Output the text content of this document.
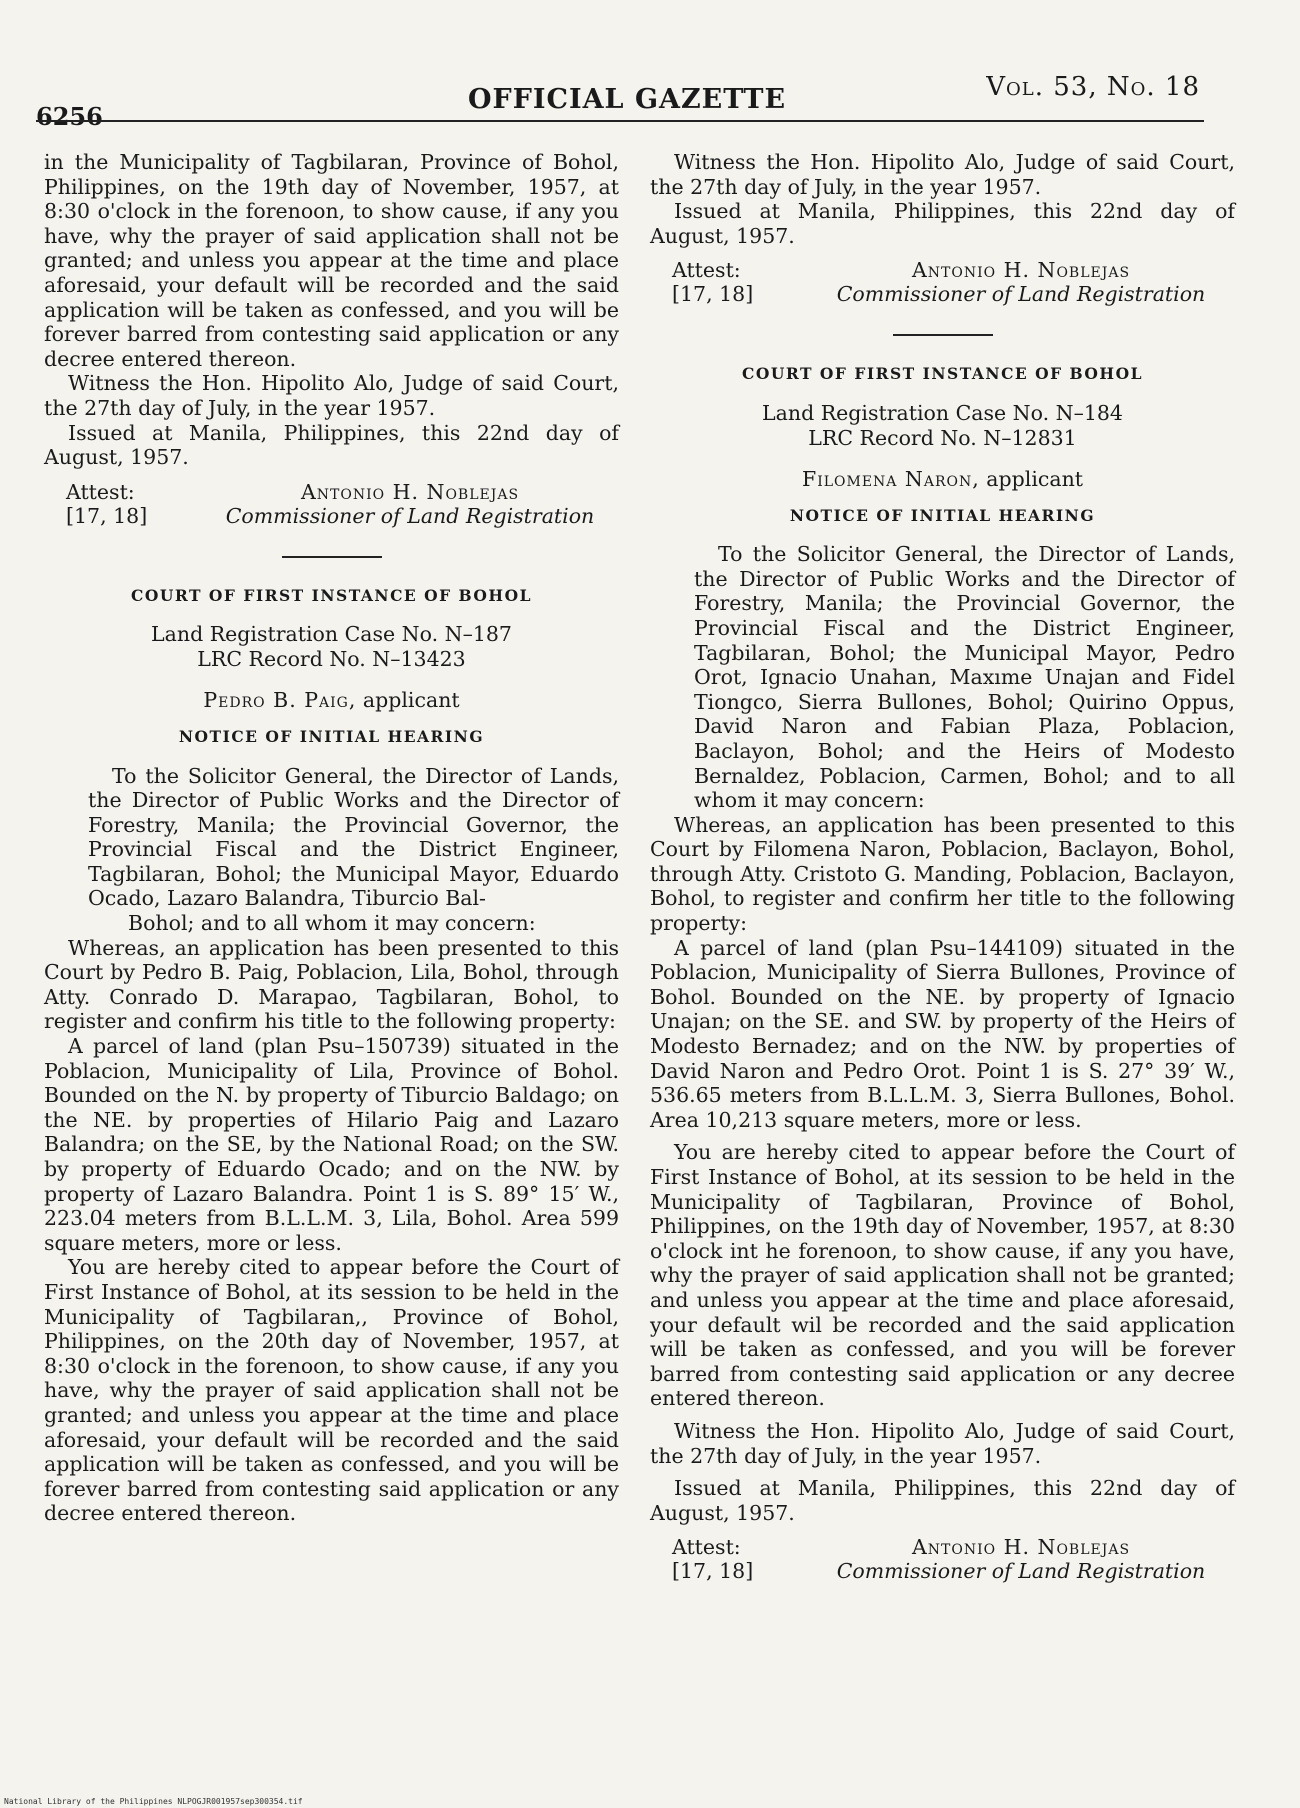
6256
OFFICIAL GAZETTE	Vol. 53, No. 18

in the Municipality of Tagbilaran, Province of Bohol, Philippines, on the 19th day of November, 1957, at 8:30 o'clock in the forenoon, to show cause, if any you have, why the prayer of said application shall not be granted; and unless you appear at the time and place aforesaid, your default will be recorded and the said application will be taken as confessed, and you will be forever barred from contesting said application or any decree entered thereon.

Witness the Hon. Hipolito Alo, Judge of said Court, the 27th day of July, in the year 1957.

Issued at Manila, Philippines, this 22nd day of August, 1957.

Attest:
[17, 18]
Antonio H. Noblejas
Commissioner of Land Registration
COURT OF FIRST INSTANCE OF BOHOL
Land Registration Case No. N–187
LRC Record No. N–13423
Pedro B. Paig, applicant
NOTICE OF INITIAL HEARING

To the Solicitor General, the Director of Lands, the Director of Public Works and the Director of Forestry, Manila; the Provincial Governor, the Provincial Fiscal and the District Engineer, Tagbilaran, Bohol; the Municipal Mayor, Eduardo Ocado, Lazaro Balandra, Tiburcio Bal-

Bohol; and to all whom it may concern:

Whereas, an application has been presented to this Court by Pedro B. Paig, Poblacion, Lila, Bohol, through Atty. Conrado D. Marapao, Tagbilaran, Bohol, to register and confirm his title to the following property:

A parcel of land (plan Psu–150739) situated in the Poblacion, Municipality of Lila, Province of Bohol. Bounded on the N. by property of Tiburcio Baldago; on the NE. by properties of Hilario Paig and Lazaro Balandra; on the SE, by the National Road; on the SW. by property of Eduardo Ocado; and on the NW. by property of Lazaro Balandra. Point 1 is S. 89° 15′ W., 223.04 meters from B.L.L.M. 3, Lila, Bohol. Area 599 square meters, more or less.

You are hereby cited to appear before the Court of First Instance of Bohol, at its session to be held in the Municipality of Tagbilaran,, Province of Bohol, Philippines, on the 20th day of November, 1957, at 8:30 o'clock in the forenoon, to show cause, if any you have, why the prayer of said application shall not be granted; and unless you appear at the time and place aforesaid, your default will be recorded and the said application will be taken as confessed, and you will be forever barred from contesting said application or any decree entered thereon.

Witness the Hon. Hipolito Alo, Judge of said Court, the 27th day of July, in the year 1957.

Issued at Manila, Philippines, this 22nd day of August, 1957.

Attest:
[17, 18]
Antonio H. Noblejas
Commissioner of Land Registration
COURT OF FIRST INSTANCE OF BOHOL
Land Registration Case No. N–184
LRC Record No. N–12831
Filomena Naron, applicant
NOTICE OF INITIAL HEARING

To the Solicitor General, the Director of Lands, the Director of Public Works and the Director of Forestry, Manila; the Provincial Governor, the Provincial Fiscal and the District Engineer, Tagbilaran, Bohol; the Municipal Mayor, Pedro Orot, Ignacio Unahan, Maxıme Unajan and Fidel Tiongco, Sierra Bullones, Bohol; Quirino Oppus, David Naron and Fabian Plaza, Poblacion, Baclayon, Bohol; and the Heirs of Modesto Bernaldez, Poblacion, Carmen, Bohol; and to all whom it may concern:

Whereas, an application has been presented to this Court by Filomena Naron, Poblacion, Baclayon, Bohol, through Atty. Cristoto G. Manding, Poblacion, Baclayon, Bohol, to register and confirm her title to the following property:

A parcel of land (plan Psu–144109) situated in the Poblacion, Municipality of Sierra Bullones, Province of Bohol. Bounded on the NE. by property of Ignacio Unajan; on the SE. and SW. by property of the Heirs of Modesto Bernadez; and on the NW. by properties of David Naron and Pedro Orot. Point 1 is S. 27° 39′ W., 536.65 meters from B.L.L.M. 3, Sierra Bullones, Bohol. Area 10,213 square meters, more or less.

You are hereby cited to appear before the Court of First Instance of Bohol, at its session to be held in the Municipality of Tagbilaran, Province of Bohol, Philippines, on the 19th day of November, 1957, at 8:30 o'clock int he forenoon, to show cause, if any you have, why the prayer of said application shall not be granted; and unless you appear at the time and place aforesaid, your default wil be recorded and the said application will be taken as confessed, and you will be forever barred from contesting said application or any decree entered thereon.

Witness the Hon. Hipolito Alo, Judge of said Court, the 27th day of July, in the year 1957.

Issued at Manila, Philippines, this 22nd day of August, 1957.

Attest:
[17, 18]
Antonio H. Noblejas
Commissioner of Land Registration
National Library of the Philippines NLPOGJR001957sep300354.tif
